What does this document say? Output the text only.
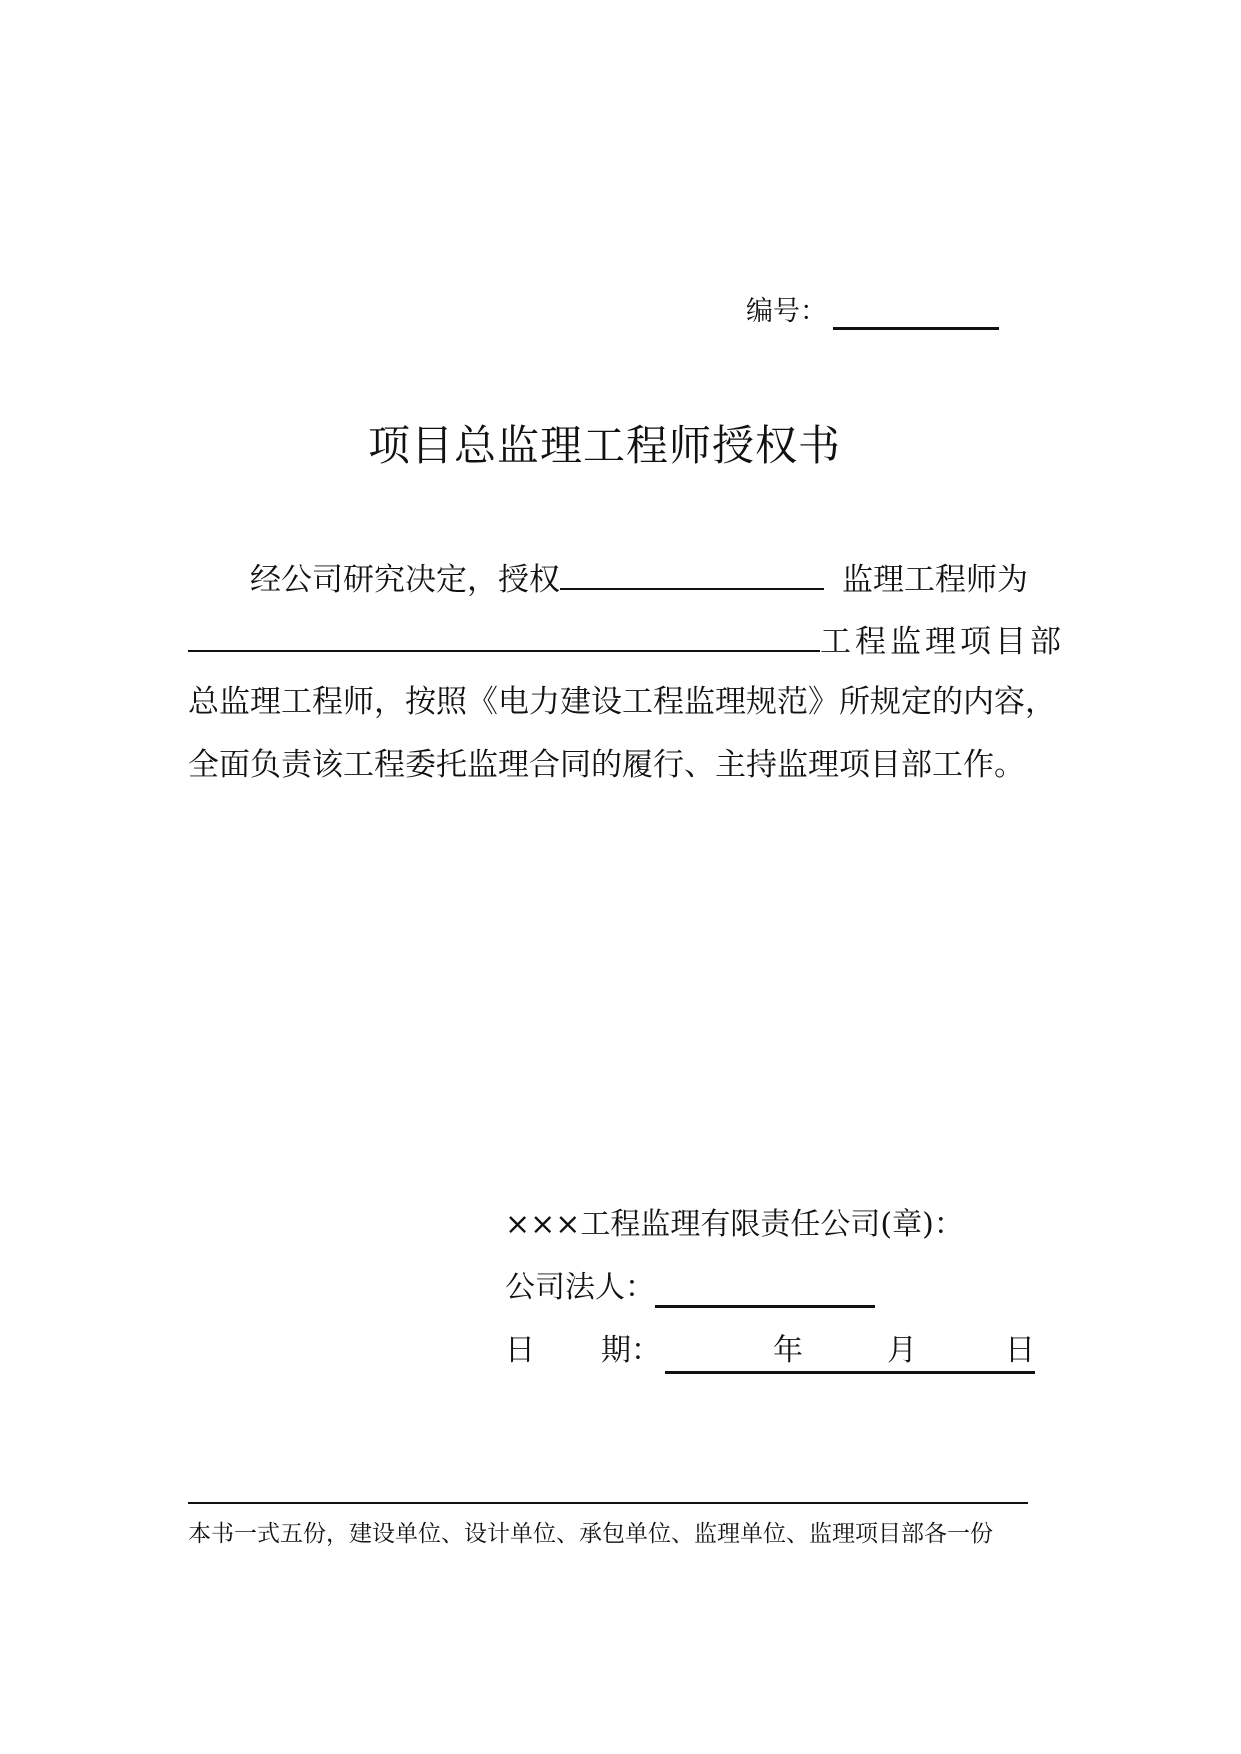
编号：
项目总监理工程师授权书
经公司研究决定，授权	监理工程师为
工程监理项目部
总监理工程师，按照《电力建设工程监理规范》所规定的内容，
全面负责该工程委托监理合同的履行、主持监理项目部工作。
×××工程监理有限责任公司(章)：
公司法人：
日 期：	年	月	日
本书一式五份，建设单位、设计单位、承包单位、监理单位、监理项目部各一份
